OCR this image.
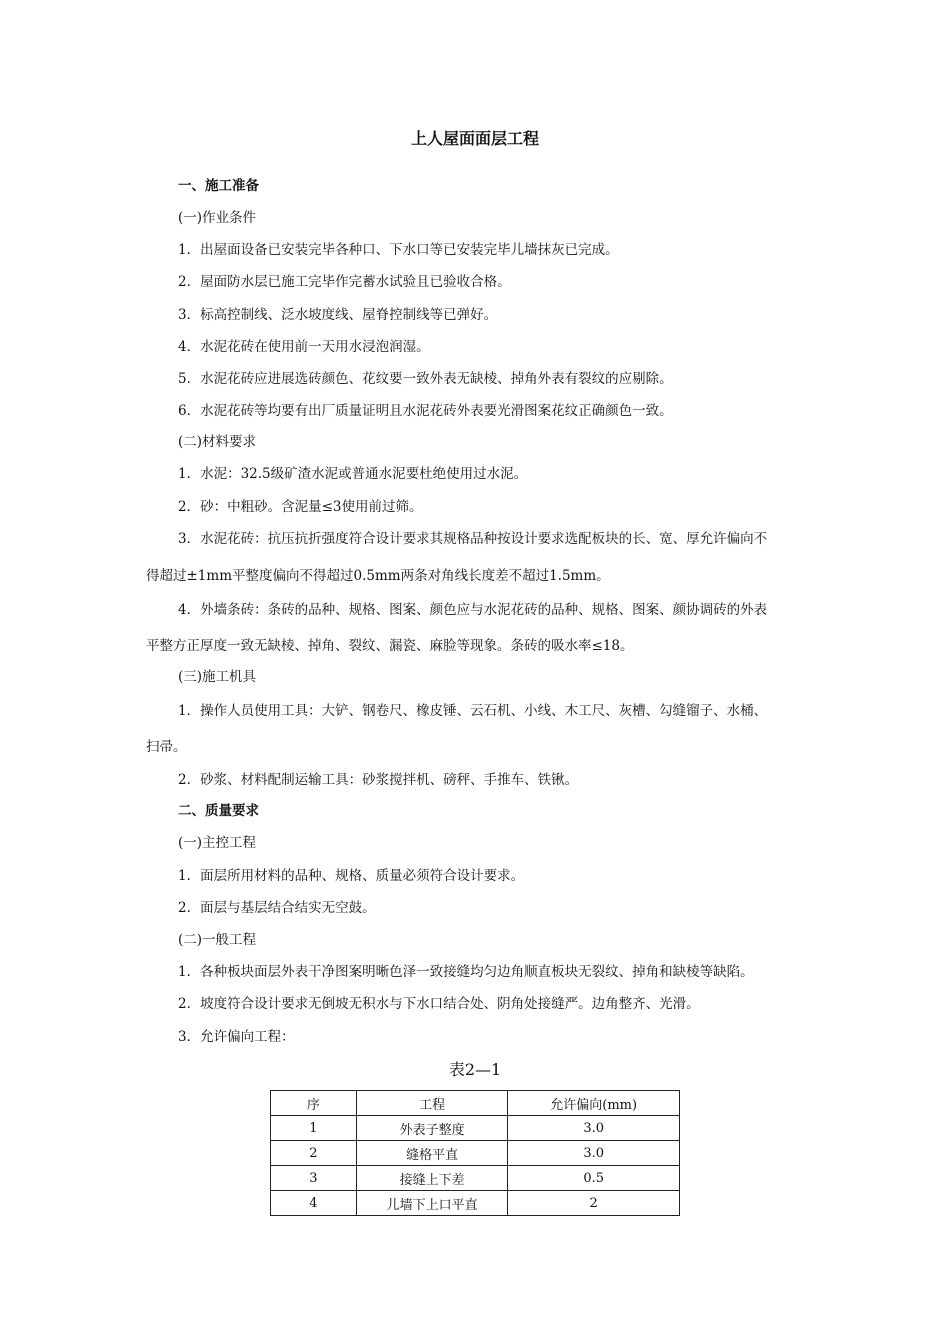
上人屋面面层工程
一、施工准备
(一)作业条件
1．出屋面设备已安装完毕各种口、下水口等已安装完毕儿墙抹灰已完成。
2．屋面防水层已施工完毕作完蓄水试验且已验收合格。
3．标高控制线、泛水坡度线、屋脊控制线等已弹好。
4．水泥花砖在使用前一天用水浸泡润湿。
5．水泥花砖应进展选砖颜色、花纹要一致外表无缺棱、掉角外表有裂纹的应剔除。
6．水泥花砖等均要有出厂质量证明且水泥花砖外表要光滑图案花纹正确颜色一致。
(二)材料要求
1．水泥：32.5级矿渣水泥或普通水泥要杜绝使用过水泥。
2．砂：中粗砂。含泥量≤3使用前过筛。
3．水泥花砖：抗压抗折强度符合设计要求其规格品种按设计要求选配板块的长、宽、厚允许偏向不
得超过±1mm平整度偏向不得超过0.5mm两条对角线长度差不超过1.5mm。
4．外墙条砖：条砖的品种、规格、图案、颜色应与水泥花砖的品种、规格、图案、颜协调砖的外表
平整方正厚度一致无缺棱、掉角、裂纹、漏瓷、麻脸等现象。条砖的吸水率≤18。
(三)施工机具
1．操作人员使用工具：大铲、钢卷尺、橡皮锤、云石机、小线、木工尺、灰槽、勾缝镏子、水桶、
扫帚。
2．砂浆、材料配制运输工具：砂浆搅拌机、磅秤、手推车、铁锹。
二、质量要求
(一)主控工程
1．面层所用材料的品种、规格、质量必须符合设计要求。
2．面层与基层结合结实无空鼓。
(二)一般工程
1．各种板块面层外表干净图案明晰色泽一致接缝均匀边角顺直板块无裂纹、掉角和缺棱等缺陷。
2．坡度符合设计要求无倒坡无积水与下水口结合处、阴角处接缝严。边角整齐、光滑。
3．允许偏向工程：
表2—1
序	工程	允许偏向(mm)
1	外表子整度	3.0
2	缝格平直	3.0
3	接缝上下差	0.5
4	儿墙下上口平直	2
